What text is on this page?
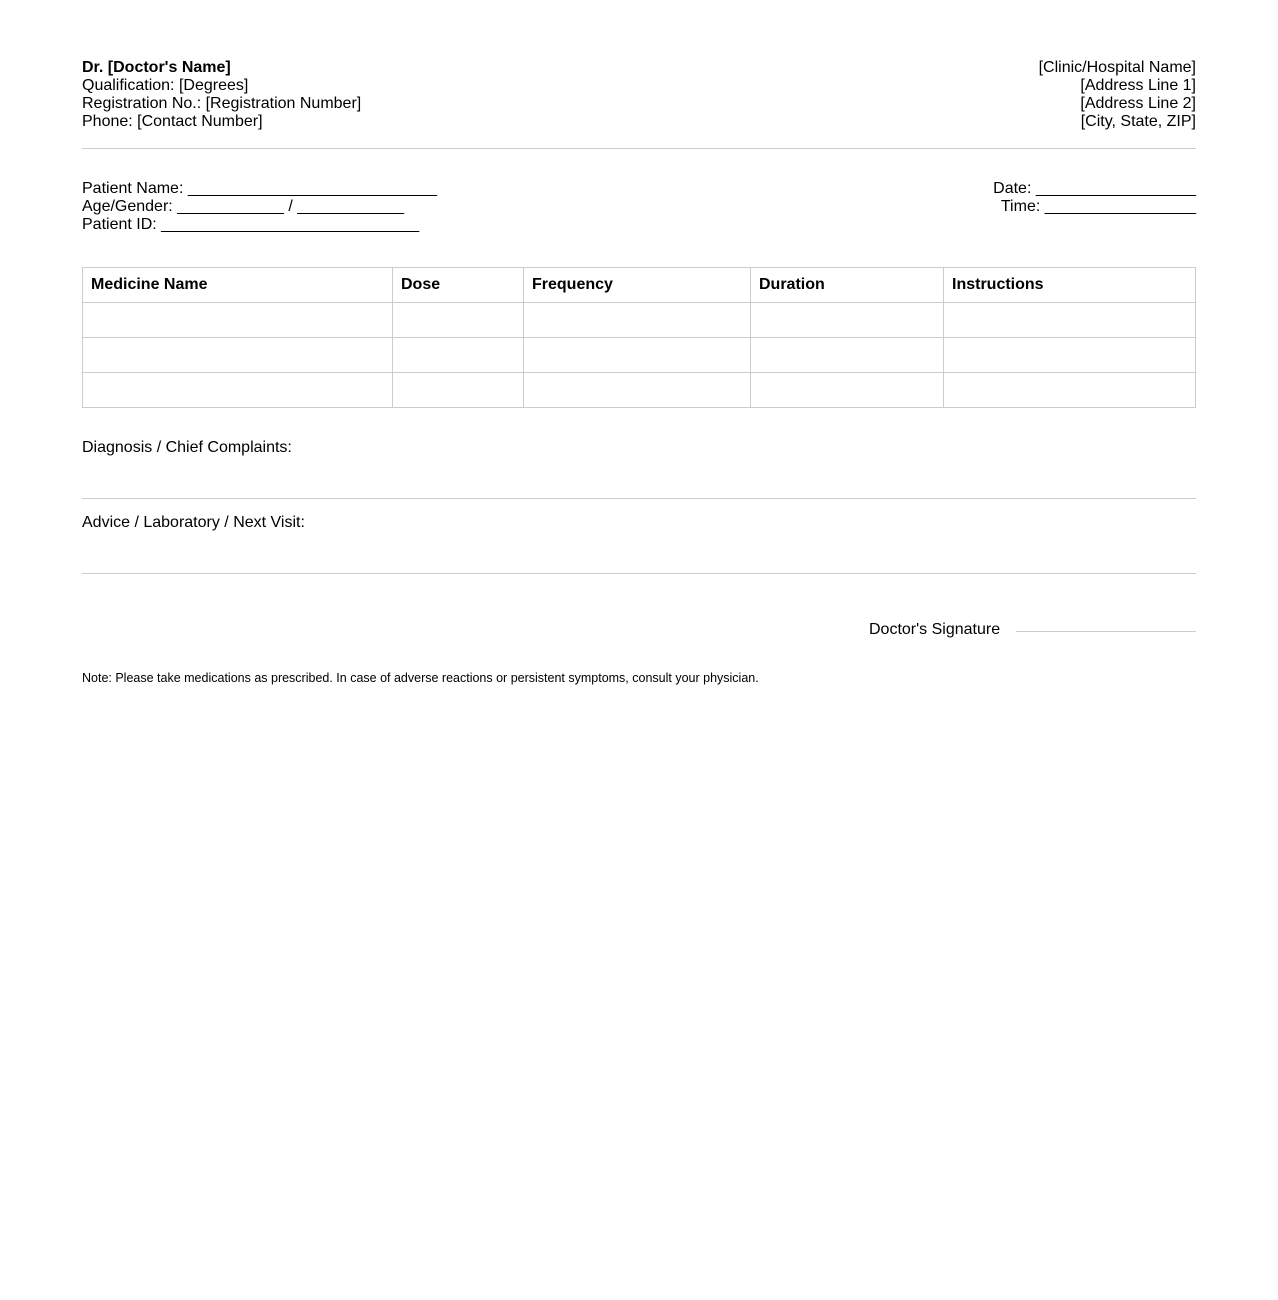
Dr. [Doctor's Name]
Qualification: [Degrees]
Registration No.: [Registration Number]
Phone: [Contact Number]
[Clinic/Hospital Name]
[Address Line 1]
[Address Line 2]
[City, State, ZIP]
Patient Name: ____________________________
Age/Gender: ____________ / ____________
Patient ID: _____________________________
Date: __________________
Time: _________________
Medicine Name	Dose	Frequency	Duration	Instructions

Diagnosis / Chief Complaints:
Advice / Laboratory / Next Visit:
Doctor's Signature
Note: Please take medications as prescribed. In case of adverse reactions or persistent symptoms, consult your physician.
